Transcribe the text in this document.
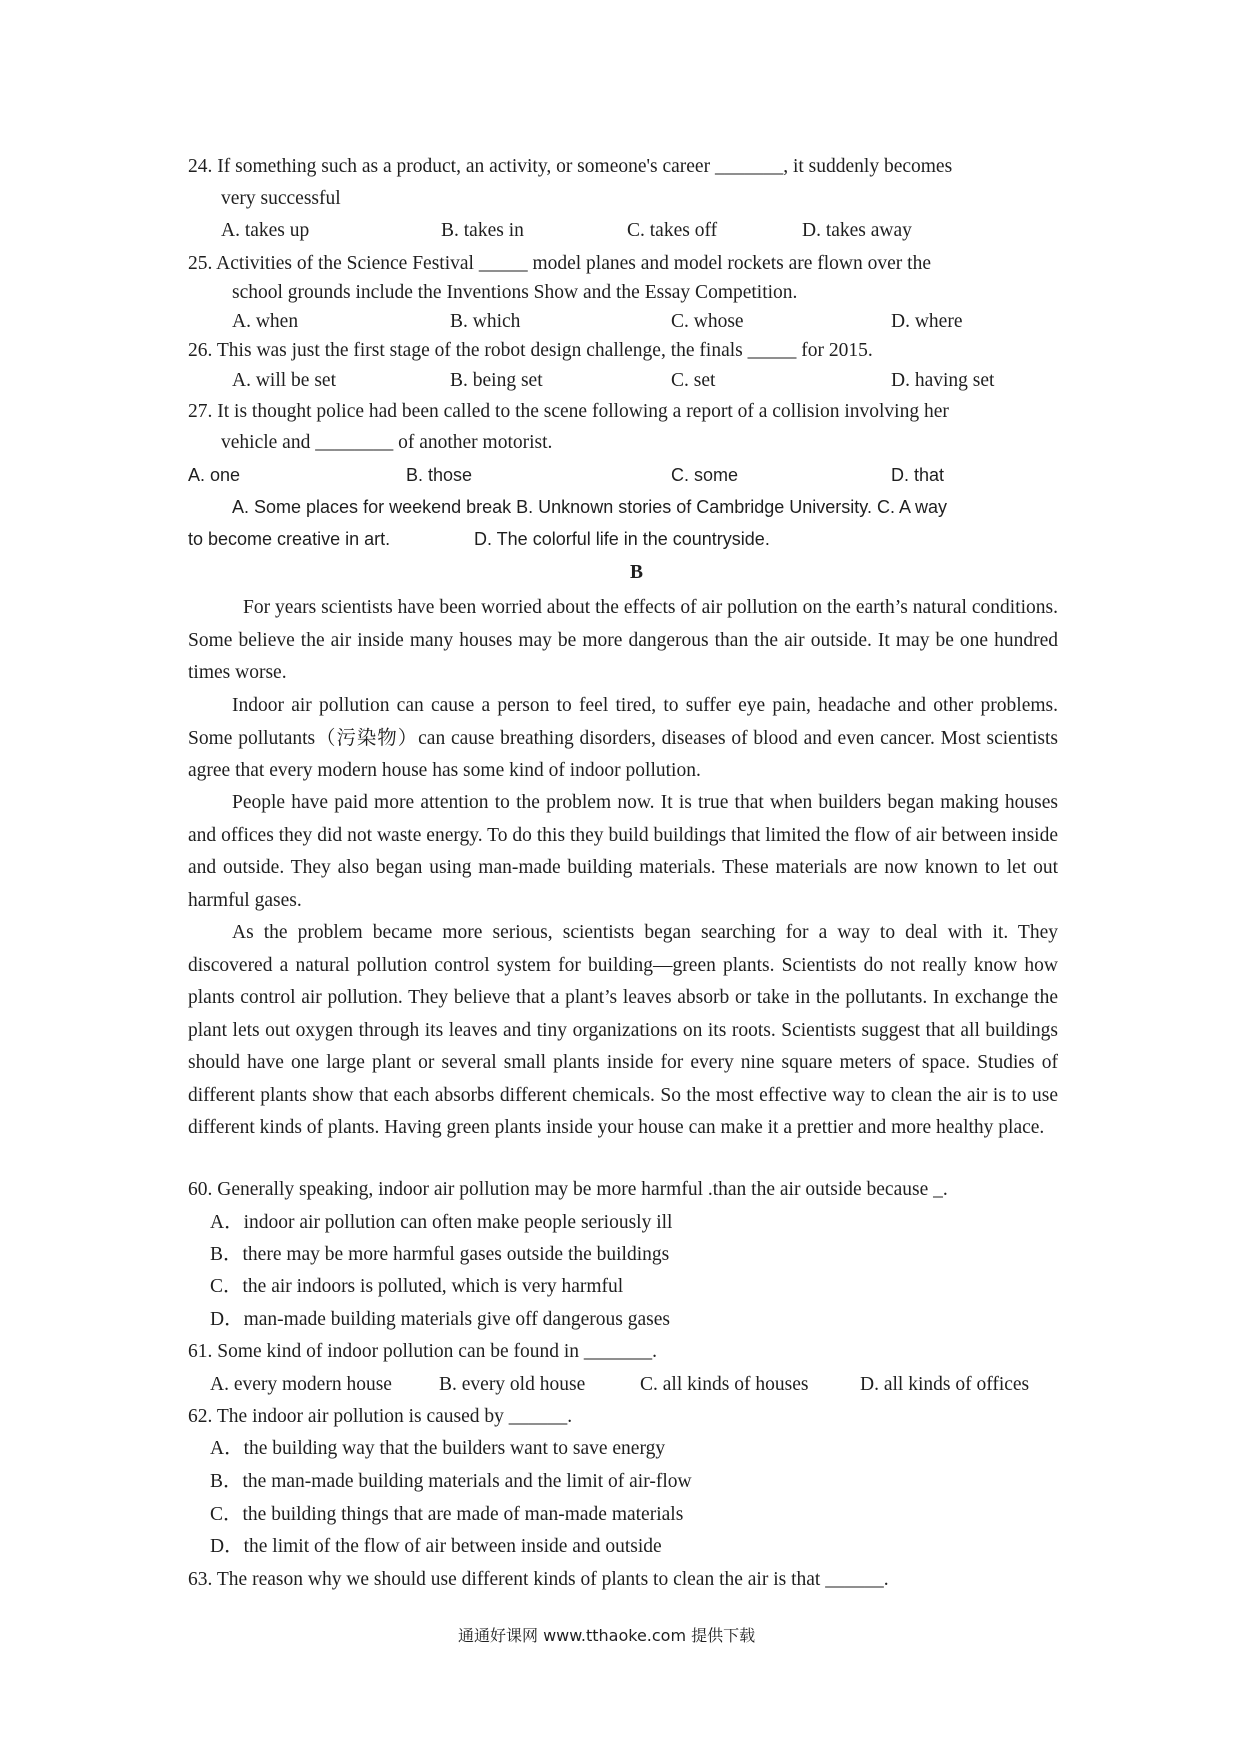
24. If something such as a product, an activity, or someone's career _______, it suddenly becomes
very successful
A. takes up	B. takes in	C. takes off	D. takes away
25. Activities of the Science Festival _____ model planes and model rockets are flown over the
school grounds include the Inventions Show and the Essay Competition.
A. when	B. which	C. whose	D. where
26. This was just the first stage of the robot design challenge, the finals _____ for 2015.
A. will be set	B. being set	C. set	D. having set
27. It is thought police had been called to the scene following a report of a collision involving her
vehicle and ________ of another motorist.
A. one	B. those	C. some	D. that
A. Some places for weekend break B. Unknown stories of Cambridge University. C. A way
to become creative in art.	D. The colorful life in the countryside.
B
For years scientists have been worried about the effects of air pollution on the earth’s natural conditions. Some believe the air inside many houses may be more dangerous than the air outside. It may be one hundred times worse.
Indoor air pollution can cause a person to feel tired, to suffer eye pain, headache and other problems. Some pollutants（污染物）can cause breathing disorders, diseases of blood and even cancer. Most scientists agree that every modern house has some kind of indoor pollution.
People have paid more attention to the problem now. It is true that when builders began making houses and offices they did not waste energy. To do this they build buildings that limited the flow of air between inside and outside. They also began using man-made building materials. These materials are now known to let out harmful gases.
As the problem became more serious, scientists began searching for a way to deal with it. They discovered a natural pollution control system for building—green plants. Scientists do not really know how plants control air pollution. They believe that a plant’s leaves absorb or take in the pollutants. In exchange the plant lets out oxygen through its leaves and tiny organizations on its roots. Scientists suggest that all buildings should have one large plant or several small plants inside for every nine square meters of space. Studies of different plants show that each absorbs different chemicals. So the most effective way to clean the air is to use different kinds of plants. Having green plants inside your house can make it a prettier and more healthy place.
60. Generally speaking, indoor air pollution may be more harmful .than the air outside because _.
A．indoor air pollution can often make people seriously ill
B．there may be more harmful gases outside the buildings
C．the air indoors is polluted, which is very harmful
D．man-made building materials give off dangerous gases
61. Some kind of indoor pollution can be found in _______.
A. every modern house B. every old house	C. all kinds of houses	D. all kinds of offices
62. The indoor air pollution is caused by ______.
A．the building way that the builders want to save energy
B．the man-made building materials and the limit of air-flow
C．the building things that are made of man-made materials
D．the limit of the flow of air between inside and outside
63. The reason why we should use different kinds of plants to clean the air is that ______.
通通好课网 www.tthaoke.com 提供下载
